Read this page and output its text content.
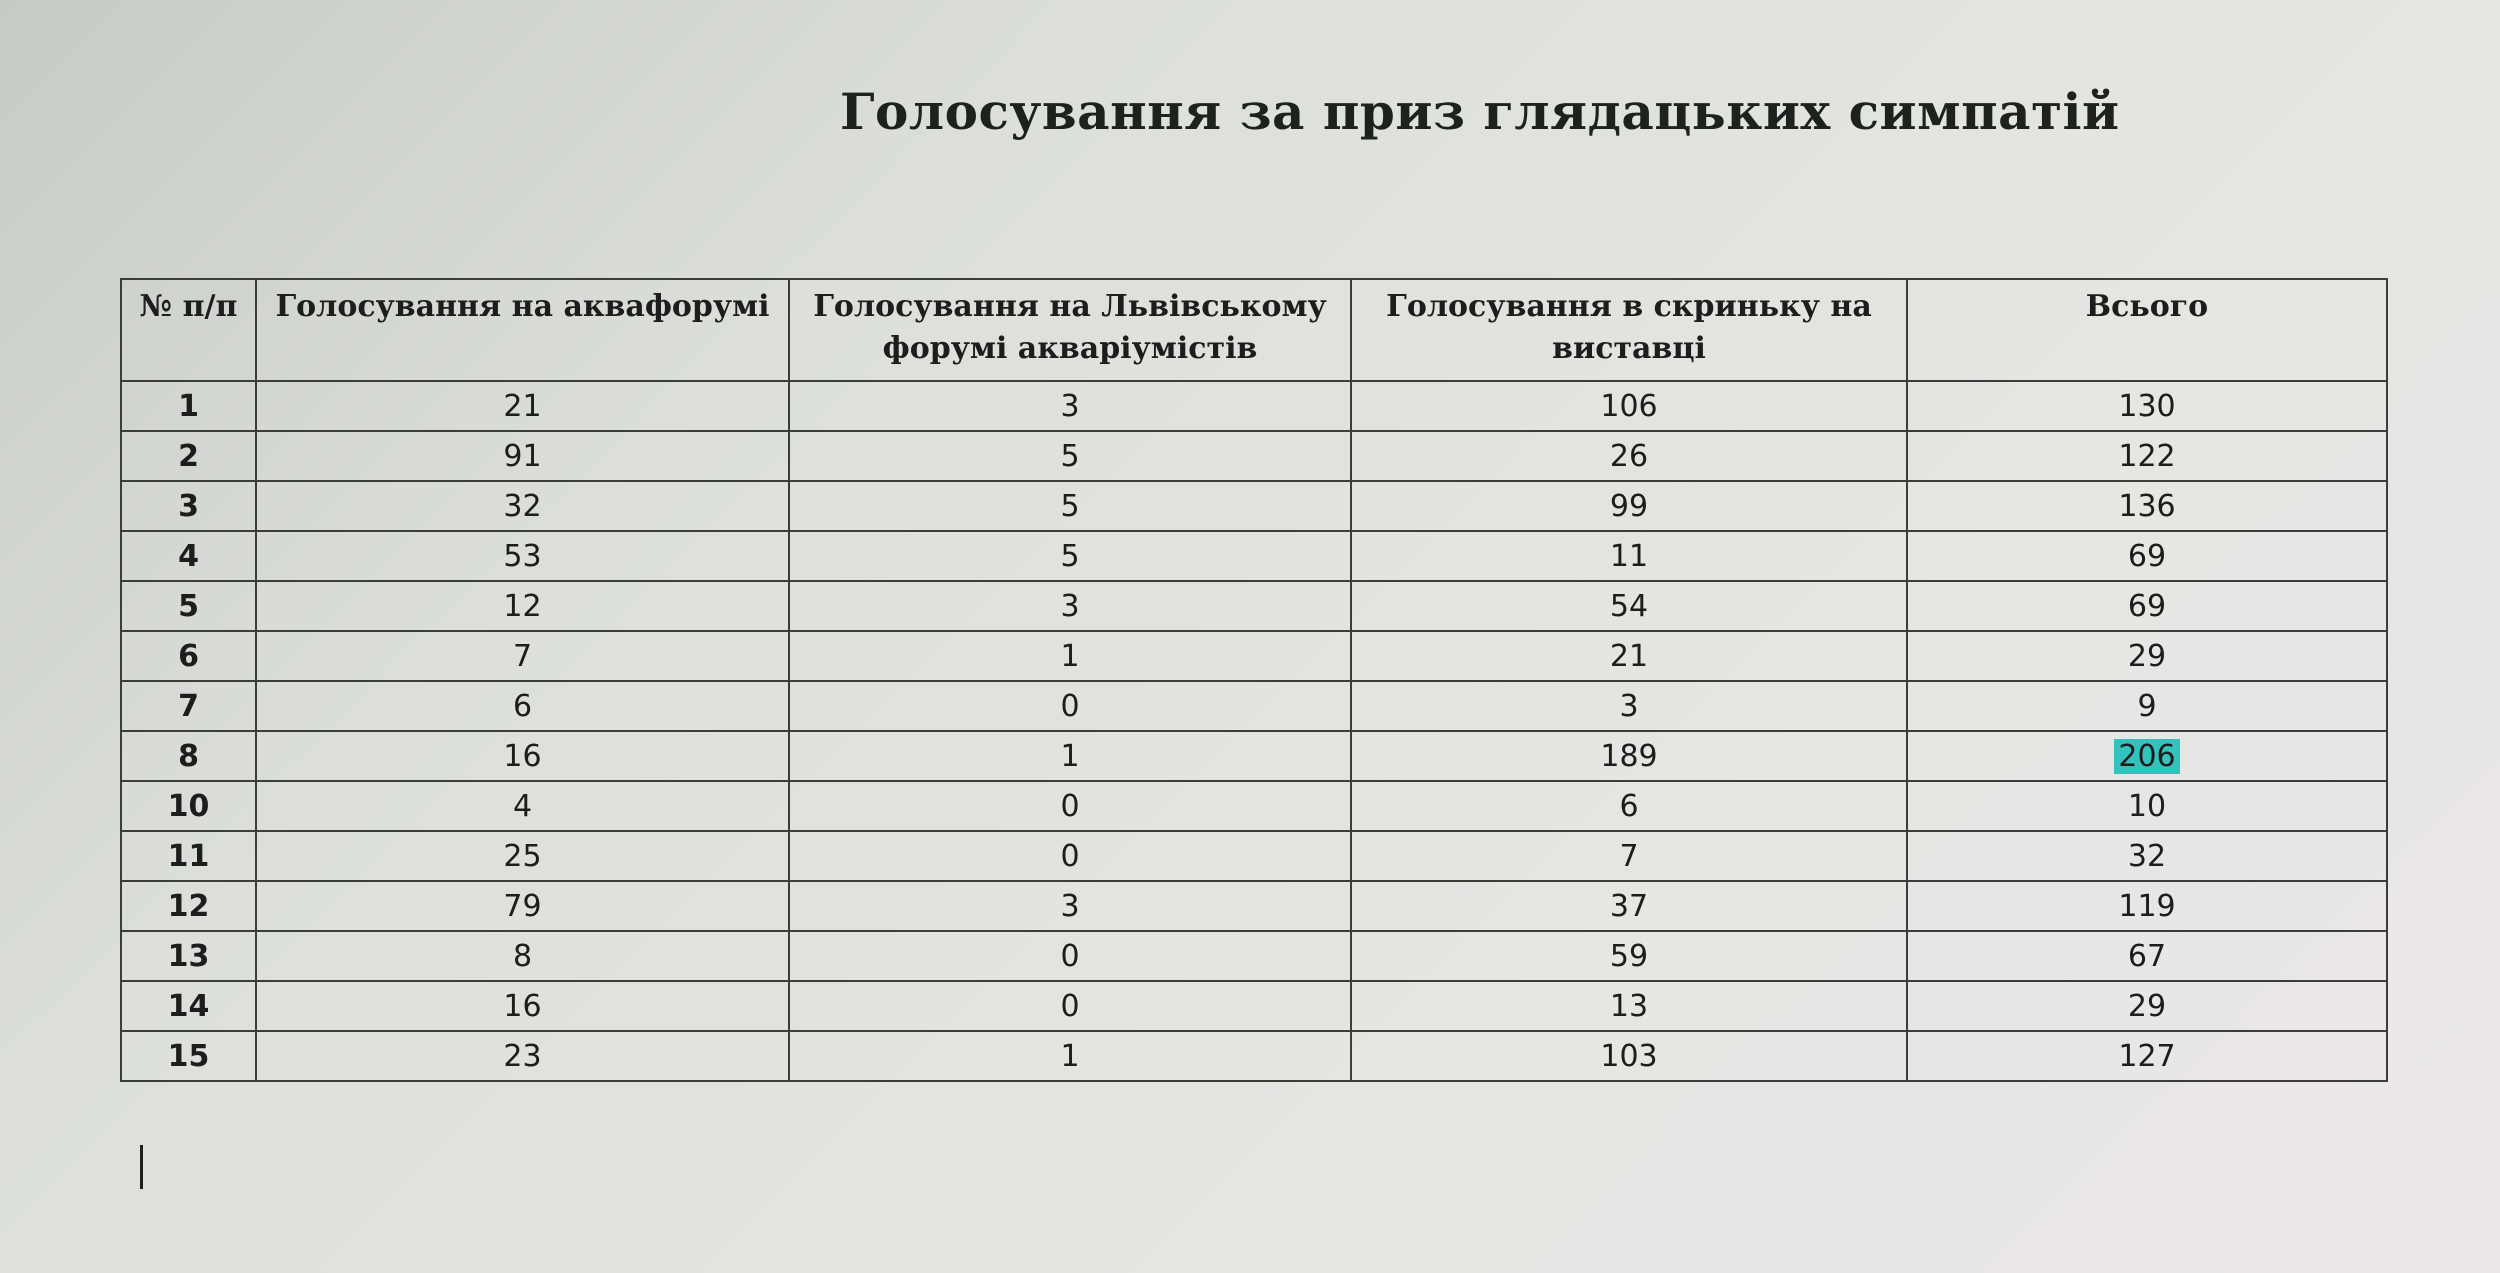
Голосування за приз глядацьких симпатій
№ п/п	Голосування на аквафорумі	Голосування на Львівському форумі акваріумістів	Голосування в скриньку на виставці	Всього
1	21	3	106	130
2	91	5	26	122
3	32	5	99	136
4	53	5	11	69
5	12	3	54	69
6	7	1	21	29
7	6	0	3	9
8	16	1	189	206
10	4	0	6	10
11	25	0	7	32
12	79	3	37	119
13	8	0	59	67
14	16	0	13	29
15	23	1	103	127
